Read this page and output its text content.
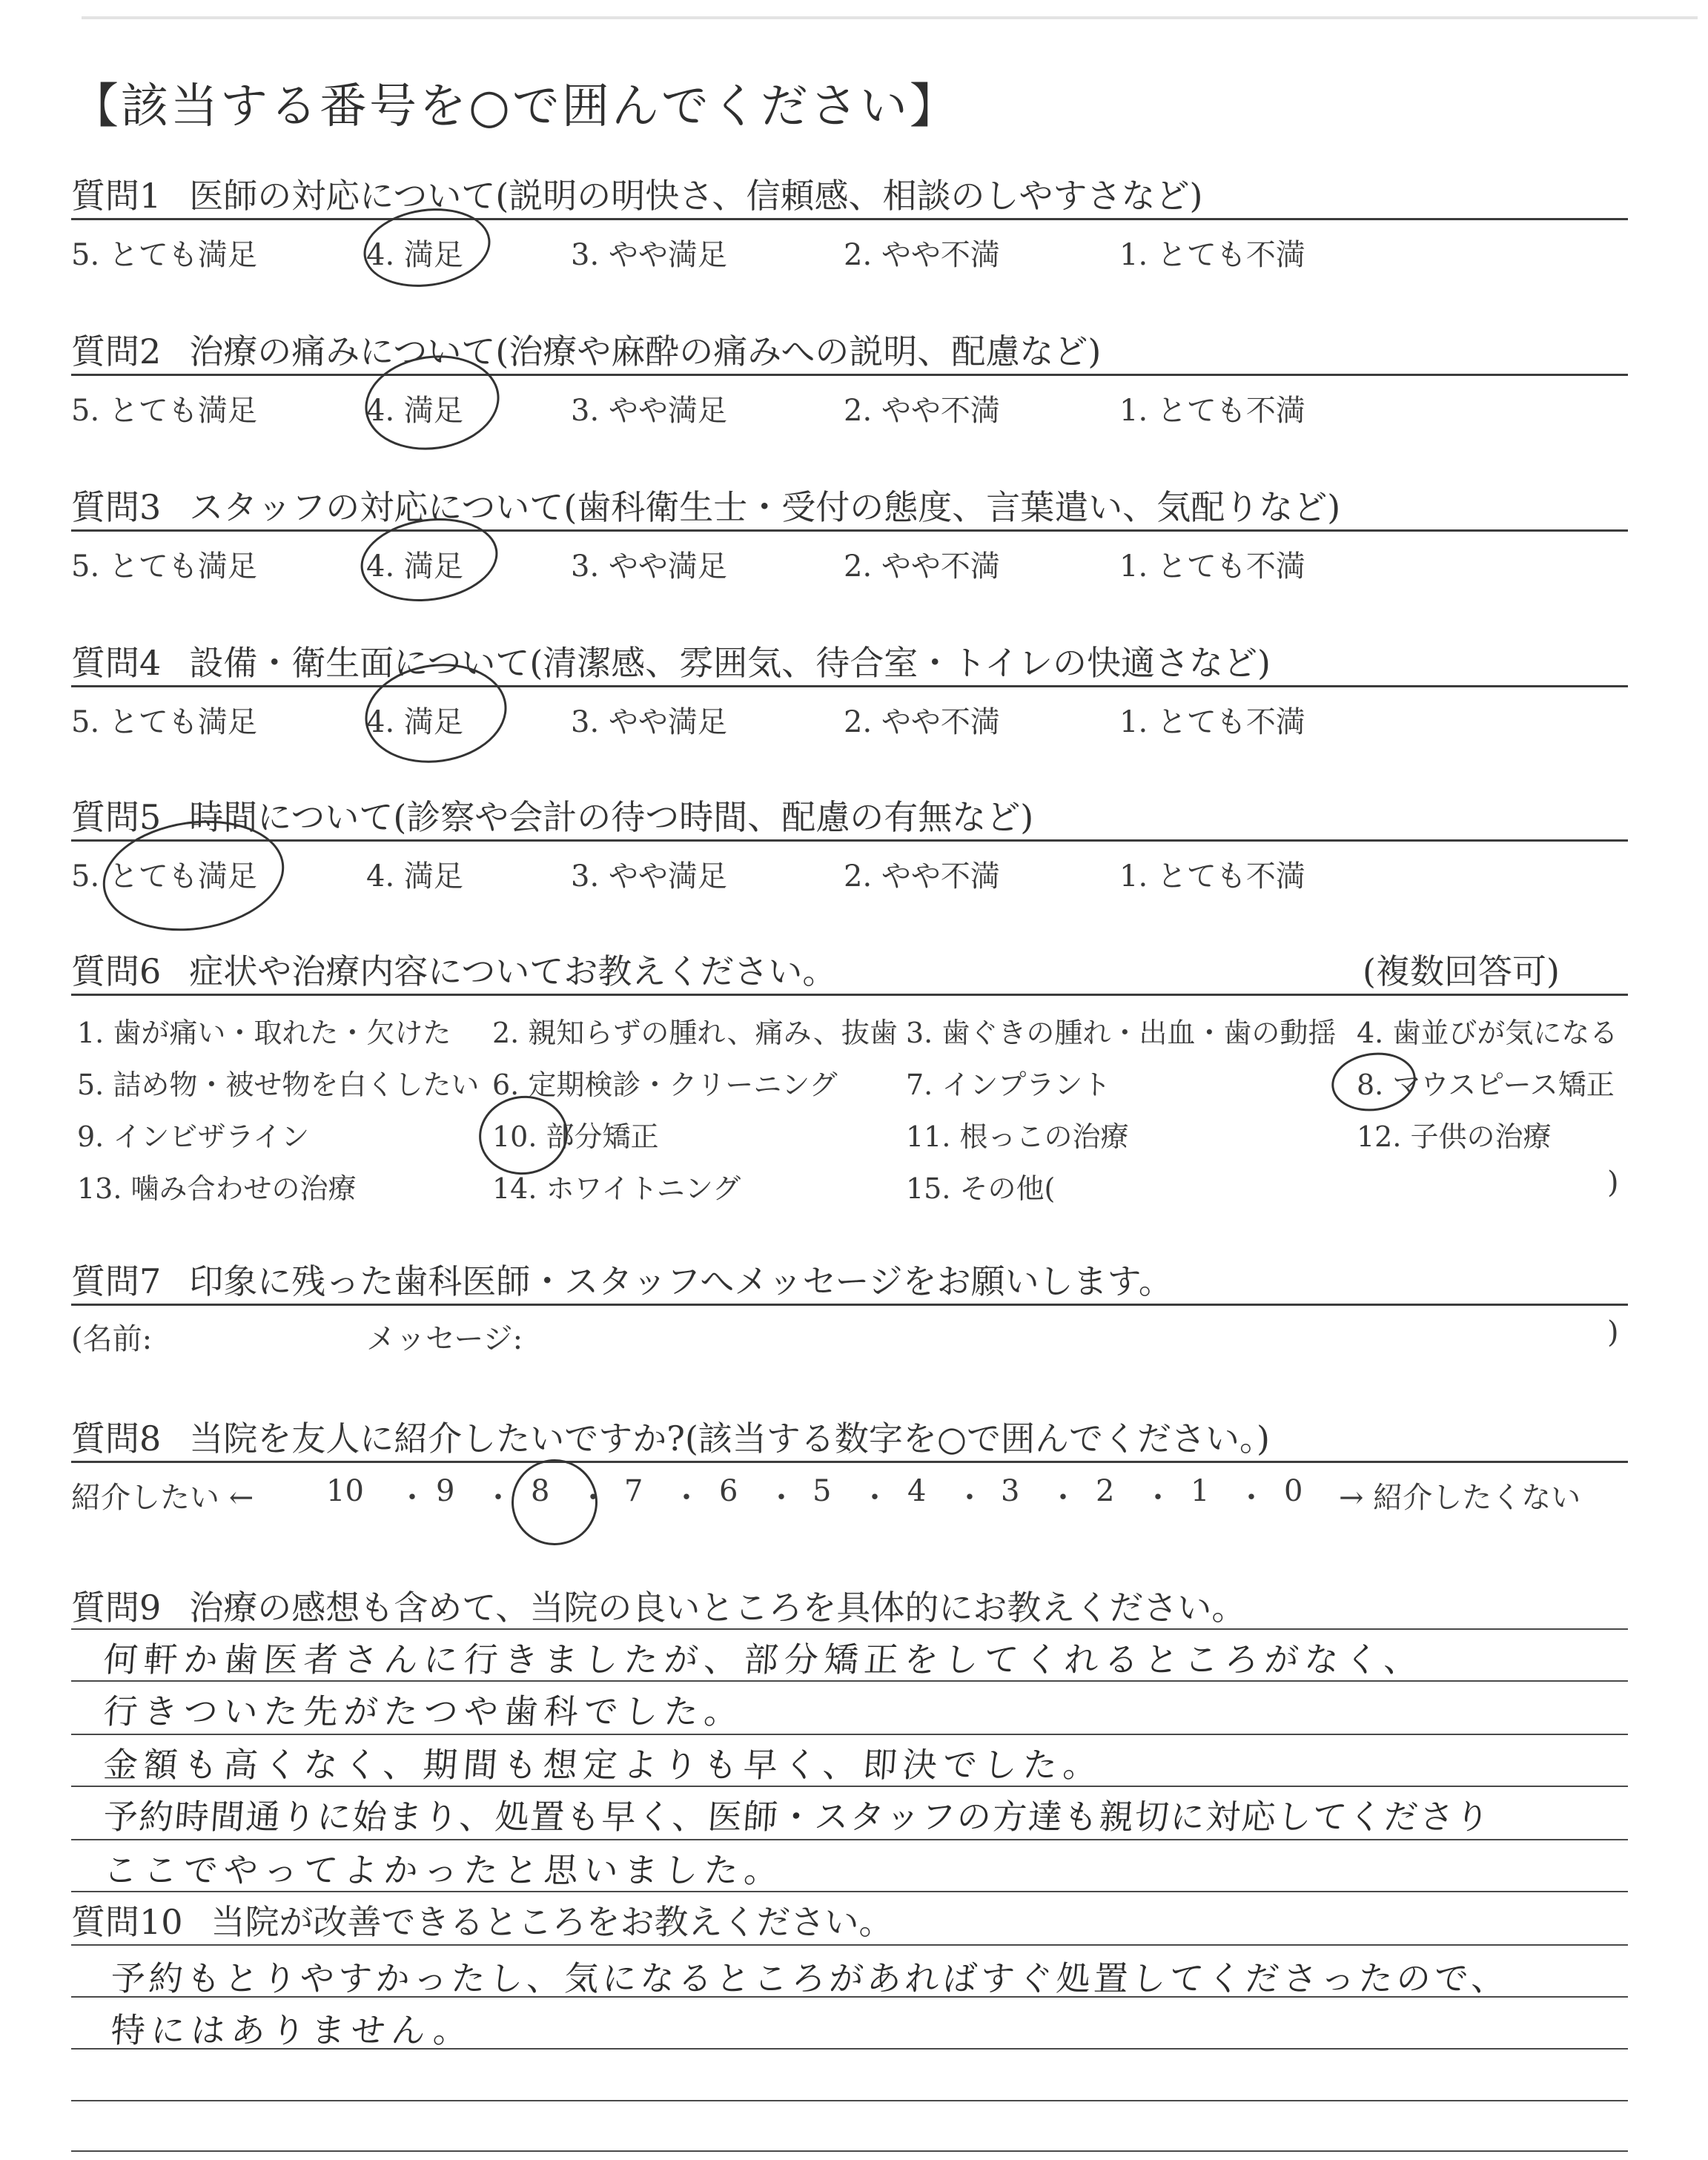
【該当する番号を○で囲んでください】
質問1 医師の対応について(説明の明快さ、信頼感、相談のしやすさなど)
5. とても満足	4. 満足	3. やや満足	2. やや不満	1. とても不満
質問2 治療の痛みについて(治療や麻酔の痛みへの説明、配慮など)
5. とても満足	4. 満足	3. やや満足	2. やや不満	1. とても不満
質問3 スタッフの対応について(歯科衛生士・受付の態度、言葉遣い、気配りなど)
5. とても満足	4. 満足	3. やや満足	2. やや不満	1. とても不満
質問4 設備・衛生面について(清潔感、雰囲気、待合室・トイレの快適さなど)
5. とても満足	4. 満足	3. やや満足	2. やや不満	1. とても不満
質問5 時間について(診察や会計の待つ時間、配慮の有無など)
5. とても満足	4. 満足	3. やや満足	2. やや不満	1. とても不満
質問6 症状や治療内容についてお教えください。	(複数回答可)
1. 歯が痛い・取れた・欠けた 2. 親知らずの腫れ、痛み、抜歯 3. 歯ぐきの腫れ・出血・歯の動揺 4. 歯並びが気になる
5. 詰め物・被せ物を白くしたい 6. 定期検診・クリーニング 7. インプラント	8. マウスピース矯正
9. インビザライン	10. 部分矯正	11. 根っこの治療	12. 子供の治療
13. 噛み合わせの治療	14. ホワイトニング	15. その他(	)
質問7 印象に残った歯科医師・スタッフへメッセージをお願いします。
(名前:	メッセージ:	)
質問8 当院を友人に紹介したいですか?(該当する数字を○で囲んでください。)
紹介したい ← 10 ・ 9 ・ 8 ・ 7 ・ 6 ・ 5 ・ 4 ・ 3 ・ 2 ・ 1 ・ 0 → 紹介したくない
質問9 治療の感想も含めて、当院の良いところを具体的にお教えください。
何軒か歯医者さんに行きましたが、部分矯正をしてくれるところがなく、
行きついた先がたつや歯科でした。
金額も高くなく、期間も想定よりも早く、即決でした。
予約時間通りに始まり、処置も早く、医師・スタッフの方達も親切に対応してくださり
ここでやってよかったと思いました。
質問10 当院が改善できるところをお教えください。
予約もとりやすかったし、気になるところがあればすぐ処置してくださったので、
特にはありません。
